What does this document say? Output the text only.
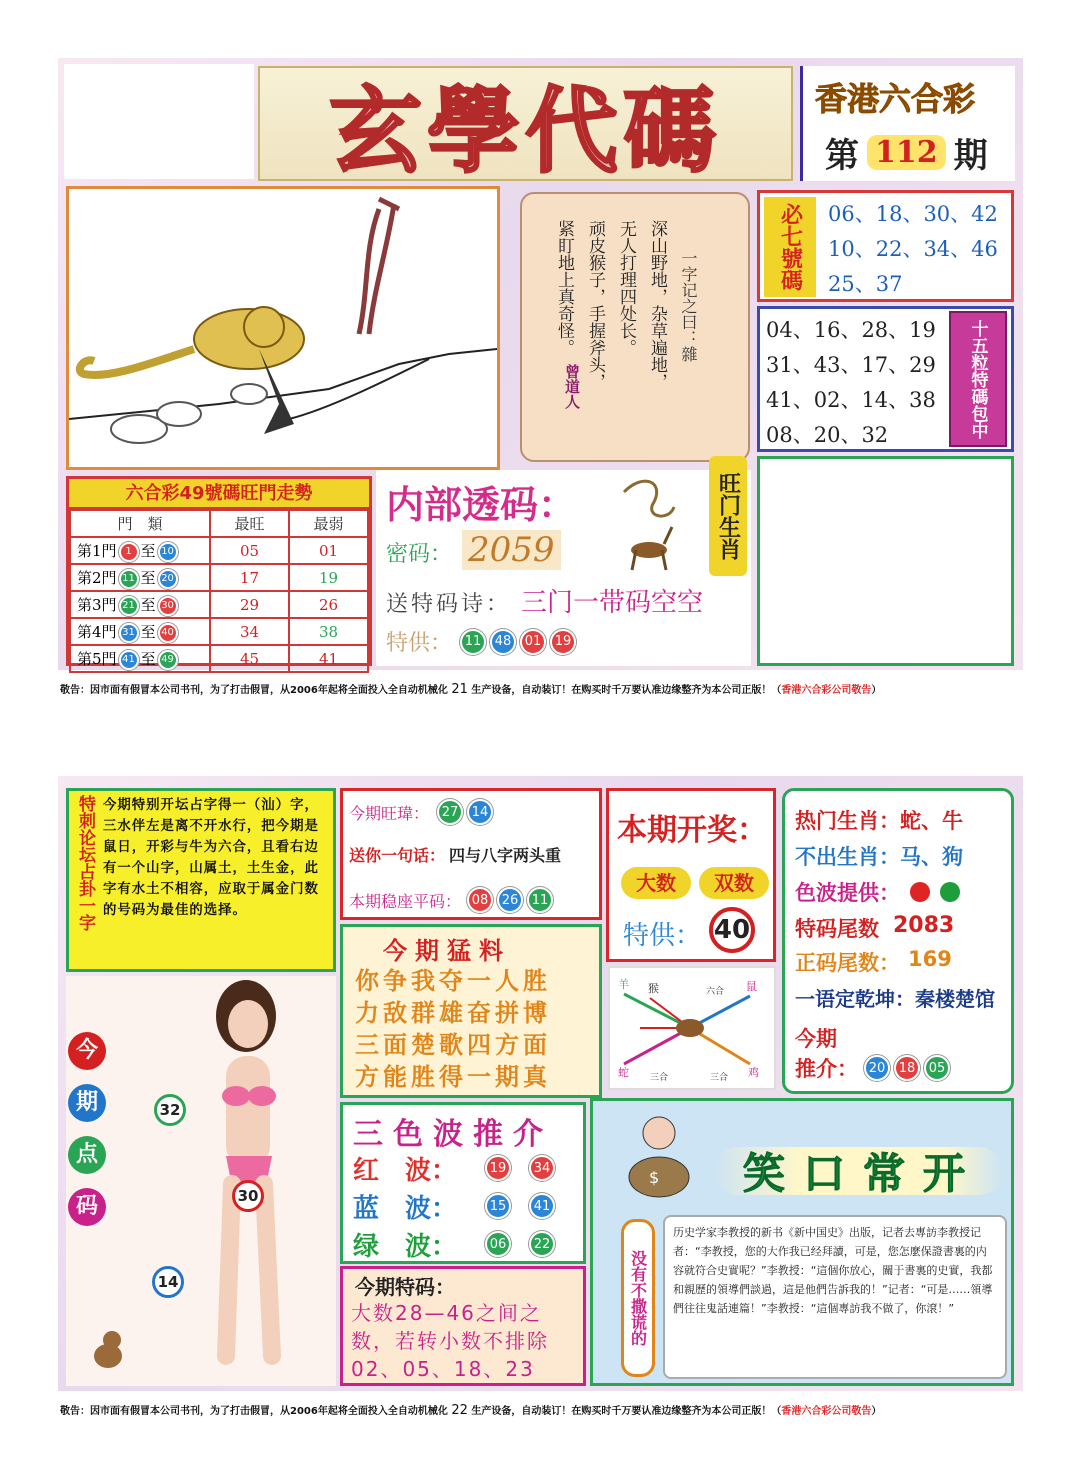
玄學代碼	香港六合彩
第 112 期
一字记之曰：雜
深山野地，杂草遍地，
无人打理四处长。
顽皮猴子，手握斧头，
紧盯地上真奇怪。
曾道人
必七號碼	06、18、30、42
10、22、34、46
25、37
04、16、28、19
31、43、17、29
41、02、14、38
08、20、32	十五粒特碼包中
六合彩49號碼旺門走勢
門　類	最旺	最弱
第1門 1 至 10	05	01
第2門 11 至 20	17	19
第3門 21 至 30	29	26
第4門 31 至 40	34	38
第5門 41 至 49	45	41
内部透码：
密码： 2059
送特码诗： 三门一带码空空
特供： 11 48 01 19
旺门生肖
敬告：因市面有假冒本公司书刊，为了打击假冒，从2006年起将全面投入全自动机械化 21 生产设备，自动装订！在购买时千万要认准边缘整齐为本公司正版！（香港六合彩公司敬告）
特刺论坛占卦一字 今期特别开坛占字得一（汕）字，三水伴左是离不开水行，把今期是鼠日，开彩与牛为六合，且看右边有一个山字，山属土，土生金，此字有水土不相容，应取于属金门数的号码为最佳的选择。
今期旺瑋： 27 14
送你一句话： 四与八字两头重
本期稳座平码： 08 26 11
本期开奖：
大数	双数
特供： 40
热门生肖：蛇、牛
不出生肖：马、狗
色波提供：
特码尾数 2083
正码尾数： 169
一语定乾坤：秦楼楚馆
今期
推介： 20 18 05
今期猛料
你争我夺一人胜
力敌群雄奋拼博
三面楚歌四方面
方能胜得一期真
羊 猴	六合 鼠
蛇 三合	三合 鸡
今
期
点
码
32
30
14
三色波推介
红　波：	19	34
蓝　波：	15	41
绿　波：	06	22
今期特码：
大数28—46之间之数，若转小数不排除02、05、18、23
$ 笑口常开
没有不撒谎的
历史学家李教授的新书《新中国史》出版，记者去專訪李教授记者：“李教授，您的大作我已经拜讀，可是，您怎麼保證書裏的内容就符合史實呢？”李教授：“這個你放心，關于書裏的史實，我都和親歷的領導們談過，這是他們告訴我的！”记者：“可是……領導們往往鬼話連篇！”李教授：“這個專訪我不做了，你滾！”
敬告：因市面有假冒本公司书刊，为了打击假冒，从2006年起将全面投入全自动机械化 22 生产设备，自动装订！在购买时千万要认准边缘整齐为本公司正版！（香港六合彩公司敬告）
